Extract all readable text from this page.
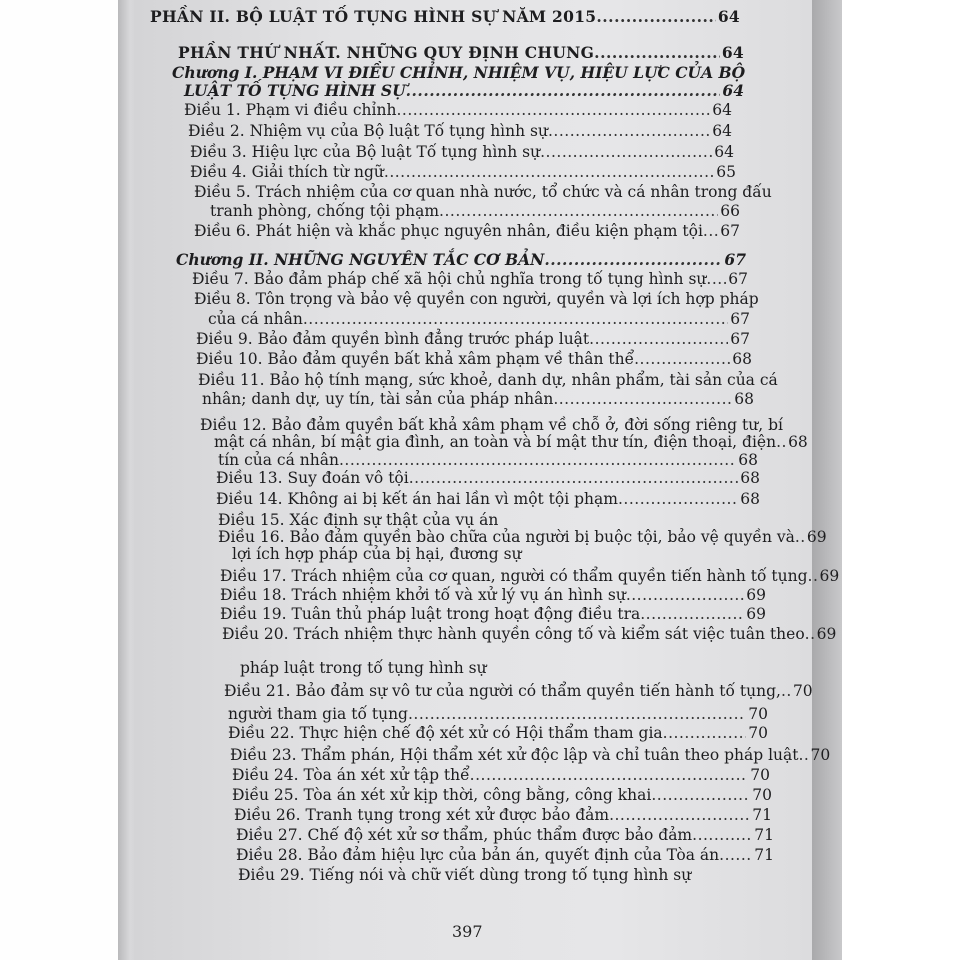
PHẦN II. BỘ LUẬT TỐ TỤNG HÌNH SỰ NĂM 2015 .....	64
PHẦN THỨ NHẤT. NHỮNG QUY ĐỊNH CHUNG .....	64
Chương I. PHẠM VI ĐIỀU CHỈNH, NHIỆM VỤ, HIỆU LỰC CỦA BỘ
LUẬT TỐ TỤNG HÌNH SỰ .....	64
Điều 1. Phạm vi điều chỉnh .....	64
Điều 2. Nhiệm vụ của Bộ luật Tố tụng hình sự .....	64
Điều 3. Hiệu lực của Bộ luật Tố tụng hình sự .....	64
Điều 4. Giải thích từ ngữ .....	65
Điều 5. Trách nhiệm của cơ quan nhà nước, tổ chức và cá nhân trong đấu
tranh phòng, chống tội phạm .....	66
Điều 6. Phát hiện và khắc phục nguyên nhân, điều kiện phạm tội ..... 67
Chương II. NHỮNG NGUYÊN TẮC CƠ BẢN .....	67
Điều 7. Bảo đảm pháp chế xã hội chủ nghĩa trong tố tụng hình sự ..... 67
Điều 8. Tôn trọng và bảo vệ quyền con người, quyền và lợi ích hợp pháp
của cá nhân .....	67
Điều 9. Bảo đảm quyền bình đẳng trước pháp luật .....	67
Điều 10. Bảo đảm quyền bất khả xâm phạm về thân thể .....	68
Điều 11. Bảo hộ tính mạng, sức khoẻ, danh dự, nhân phẩm, tài sản của cá
nhân; danh dự, uy tín, tài sản của pháp nhân .....	68
Điều 12. Bảo đảm quyền bất khả xâm phạm về chỗ ở, đời sống riêng tư, bí
mật cá nhân, bí mật gia đình, an toàn và bí mật thư tín, điện thoại, điện ..... 68
tín của cá nhân .....	68
Điều 13. Suy đoán vô tội .....	68
Điều 14. Không ai bị kết án hai lần vì một tội phạm .....	68
Điều 15. Xác định sự thật của vụ án
Điều 16. Bảo đảm quyền bào chữa của người bị buộc tội, bảo vệ quyền và ..... 69
lợi ích hợp pháp của bị hại, đương sự
Điều 17. Trách nhiệm của cơ quan, người có thẩm quyền tiến hành tố tụng ..... 69
Điều 18. Trách nhiệm khởi tố và xử lý vụ án hình sự .....	69
Điều 19. Tuân thủ pháp luật trong hoạt động điều tra .....	69
Điều 20. Trách nhiệm thực hành quyền công tố và kiểm sát việc tuân theo ..... 69
pháp luật trong tố tụng hình sự
Điều 21. Bảo đảm sự vô tư của người có thẩm quyền tiến hành tố tụng, ..... 70
người tham gia tố tụng .....	70
Điều 22. Thực hiện chế độ xét xử có Hội thẩm tham gia .....	70
Điều 23. Thẩm phán, Hội thẩm xét xử độc lập và chỉ tuân theo pháp luật ..... 70
Điều 24. Tòa án xét xử tập thể .....	70
Điều 25. Tòa án xét xử kịp thời, công bằng, công khai .....	70
Điều 26. Tranh tụng trong xét xử được bảo đảm .....	71
Điều 27. Chế độ xét xử sơ thẩm, phúc thẩm được bảo đảm .....	71
Điều 28. Bảo đảm hiệu lực của bản án, quyết định của Tòa án ..... 71
Điều 29. Tiếng nói và chữ viết dùng trong tố tụng hình sự
397
